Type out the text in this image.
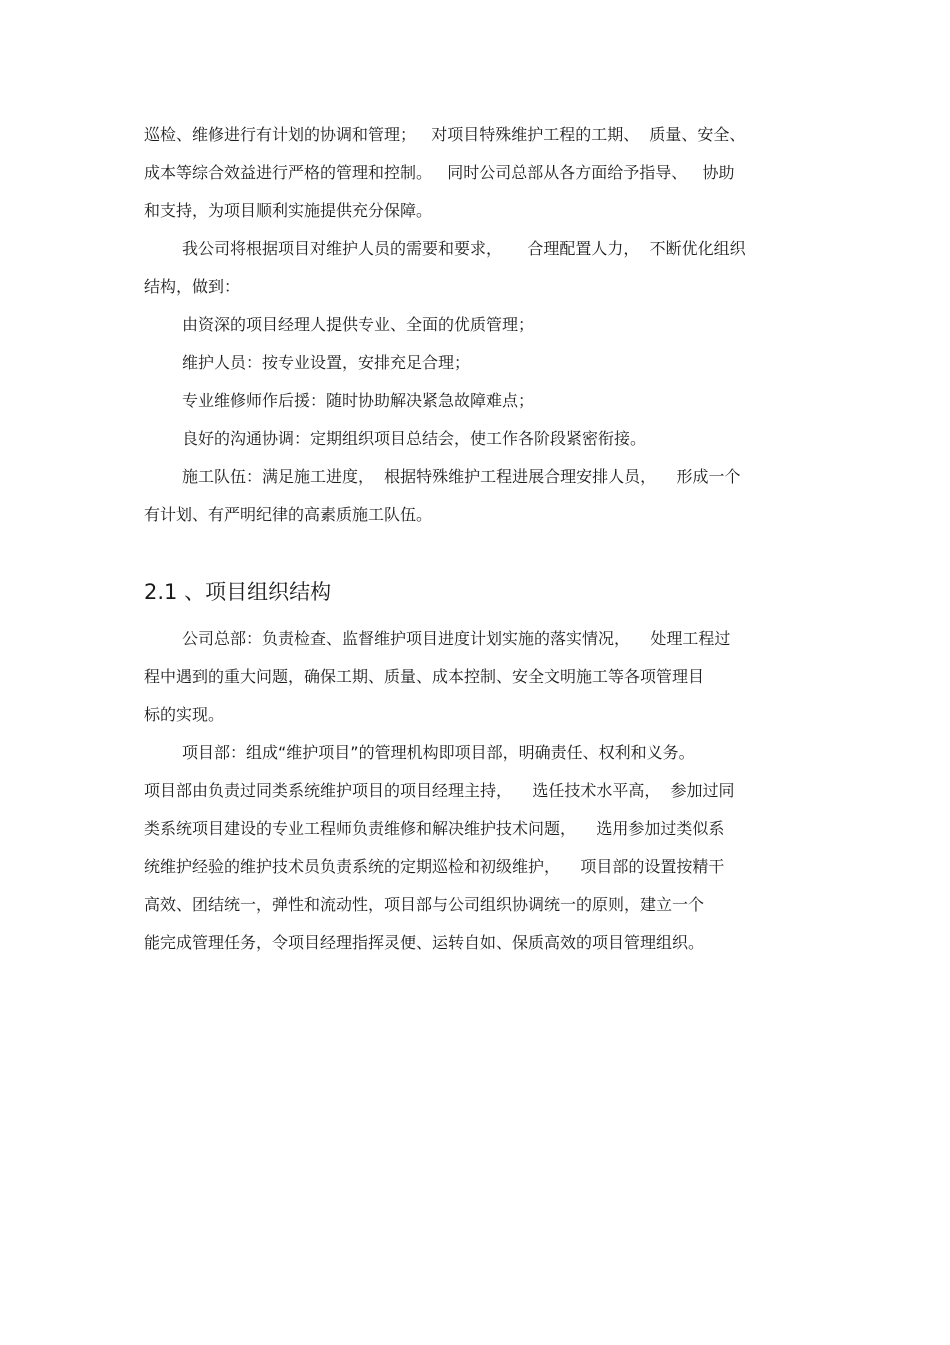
巡检、维修进行有计划的协调和管理；   对项目特殊维护工程的工期、  质量、安全、
成本等综合效益进行严格的管理和控制。   同时公司总部从各方面给予指导、   协助
和支持，为项目顺利实施提供充分保障。
我公司将根据项目对维护人员的需要和要求，     合理配置人力，  不断优化组织
结构，做到：
由资深的项目经理人提供专业、全面的优质管理；
维护人员：按专业设置，安排充足合理；
专业维修师作后援：随时协助解决紧急故障难点；
良好的沟通协调：定期组织项目总结会，使工作各阶段紧密衔接。
施工队伍：满足施工进度，  根据特殊维护工程进展合理安排人员，    形成一个
有计划、有严明纪律的高素质施工队伍。
2.1 、项目组织结构
公司总部：负责检查、监督维护项目进度计划实施的落实情况，    处理工程过
程中遇到的重大问题，确保工期、质量、成本控制、安全文明施工等各项管理目
标的实现。
项目部：组成“维护项目”的管理机构即项目部，明确责任、权利和义务。
项目部由负责过同类系统维护项目的项目经理主持，    选任技术水平高，  参加过同
类系统项目建设的专业工程师负责维修和解决维护技术问题，    选用参加过类似系
统维护经验的维护技术员负责系统的定期巡检和初级维护，    项目部的设置按精干
高效、团结统一，弹性和流动性，项目部与公司组织协调统一的原则，建立一个
能完成管理任务，令项目经理指挥灵便、运转自如、保质高效的项目管理组织。
